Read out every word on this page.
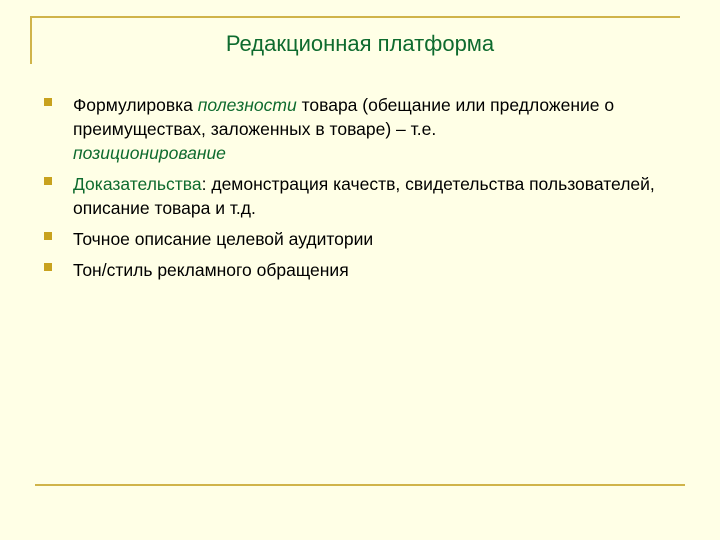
Редакционная платформа
Формулировка полезности товара (обещание или предложение о преимуществах, заложенных в товаре) – т.е.
позиционирование
Доказательства: демонстрация качеств, свидетельства пользователей, описание товара и т.д.
Точное описание целевой аудитории
Тон/стиль рекламного обращения
